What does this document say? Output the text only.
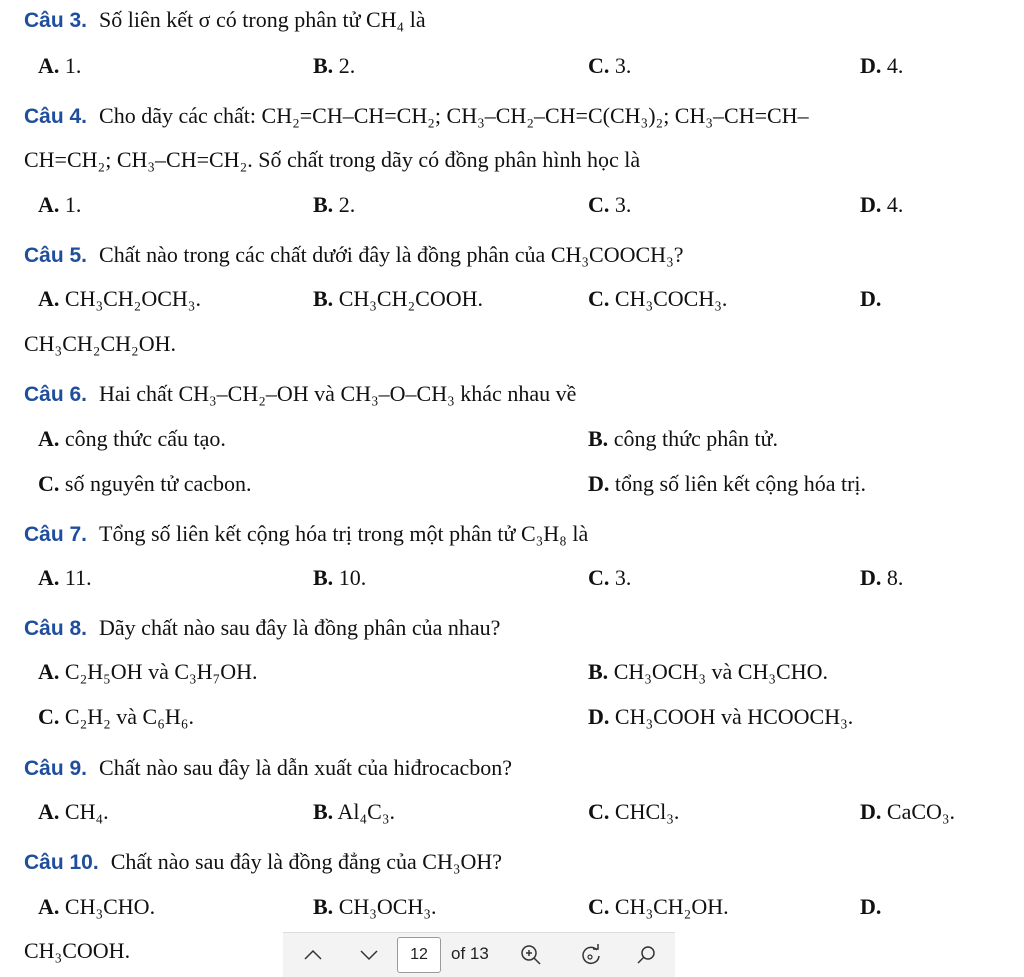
Câu 3. Số liên kết σ có trong phân tử CH₄ là
A. 1.	B. 2.	C. 3.	D. 4.
Câu 4. Cho dãy các chất: CH₂=CH–CH=CH₂; CH₃–CH₂–CH=C(CH₃)₂; CH₃–CH=CH–
CH=CH₂; CH₃–CH=CH₂. Số chất trong dãy có đồng phân hình học là
A. 1.	B. 2.	C. 3.	D. 4.
Câu 5. Chất nào trong các chất dưới đây là đồng phân của CH₃COOCH₃?
A. CH₃CH₂OCH₃.	B. CH₃CH₂COOH.	C. CH₃COCH₃.	D.
CH₃CH₂CH₂OH.
Câu 6. Hai chất CH₃–CH₂–OH và CH₃–O–CH₃ khác nhau về
A. công thức cấu tạo.	B. công thức phân tử.
C. số nguyên tử cacbon.	D. tổng số liên kết cộng hóa trị.
Câu 7. Tổng số liên kết cộng hóa trị trong một phân tử C₃H₈ là
A. 11.	B. 10.	C. 3.	D. 8.
Câu 8. Dãy chất nào sau đây là đồng phân của nhau?
A. C₂H₅OH và C₃H₇OH.	B. CH₃OCH₃ và CH₃CHO.
C. C₂H₂ và C₆H₆.	D. CH₃COOH và HCOOCH₃.
Câu 9. Chất nào sau đây là dẫn xuất của hiđrocacbon?
A. CH₄.	B. Al₄C₃.	C. CHCl₃.	D. CaCO₃.
Câu 10. Chất nào sau đây là đồng đẳng của CH₃OH?
A. CH₃CHO.	B. CH₃OCH₃.	C. CH₃CH₂OH.	D.
CH₃COOH.
12	of 13
